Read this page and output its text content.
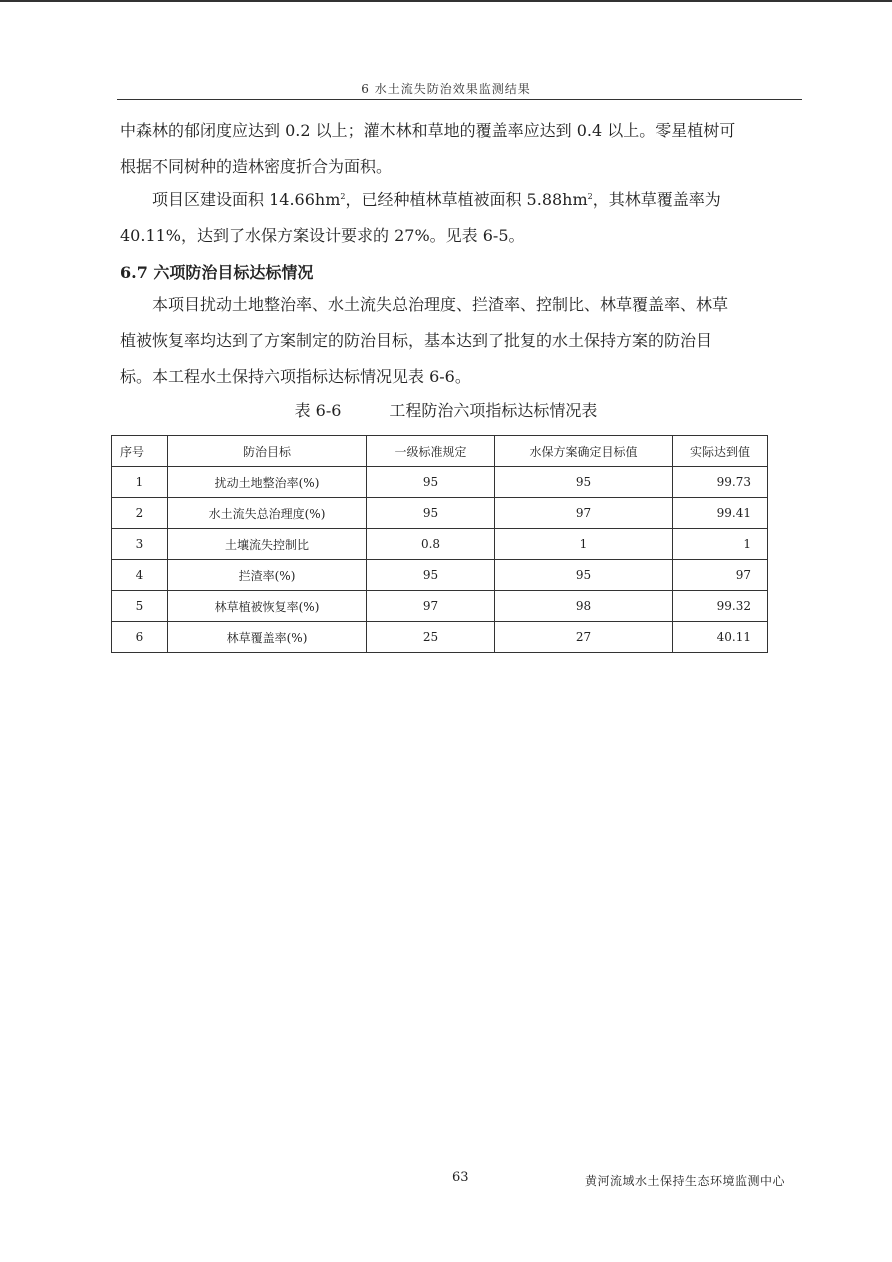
6 水土流失防治效果监测结果

中森林的郁闭度应达到 0.2 以上；灌木林和草地的覆盖率应达到 0.4 以上。零星植树可
根据不同树种的造林密度折合为面积。

项目区建设面积 $14.66hm^2$，已经种植林草植被面积 $5.88hm^2$，其林草覆盖率为
40.11%，达到了水保方案设计要求的 27%。见表 6-5。

6.7 六项防治目标达标情况

本项目扰动土地整治率、水土流失总治理度、拦渣率、控制比、林草覆盖率、林草
植被恢复率均达到了方案制定的防治目标，基本达到了批复的水土保持方案的防治目
标。本工程水土保持六项指标达标情况见表 6-6。

表 6-6	工程防治六项指标达标情况表
序号	防治目标	一级标准规定	水保方案确定目标值	实际达到值
1	扰动土地整治率(%)	95	95	99.73
2	水土流失总治理度(%)	95	97	99.41
3	土壤流失控制比	0.8	1	1
4	拦渣率(%)	95	95	97
5	林草植被恢复率(%)	97	98	99.32
6	林草覆盖率(%)	25	27	40.11
63	黄河流域水土保持生态环境监测中心
